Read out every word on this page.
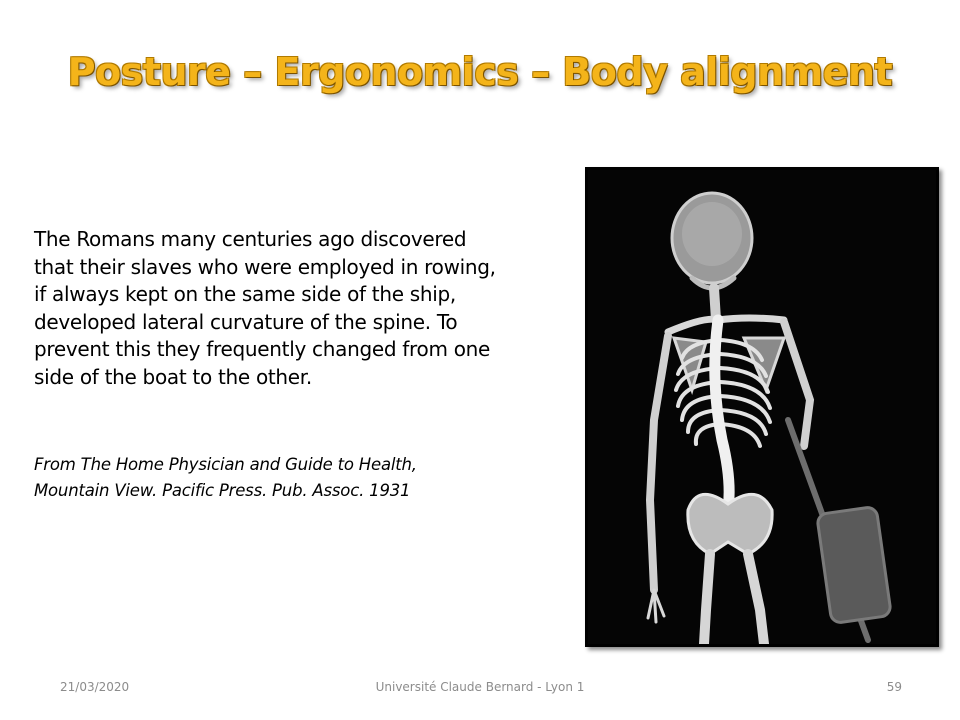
Posture – Ergonomics – Body alignment
The Romans many centuries ago discovered
that their slaves who were employed in rowing,
if always kept on the same side of the ship,
developed lateral curvature of the spine. To
prevent this they frequently changed from one
side of the boat to the other.
From The Home Physician and Guide to Health,
Mountain View. Pacific Press. Pub. Assoc. 1931
21/03/2020	Université Claude Bernard - Lyon 1	59
